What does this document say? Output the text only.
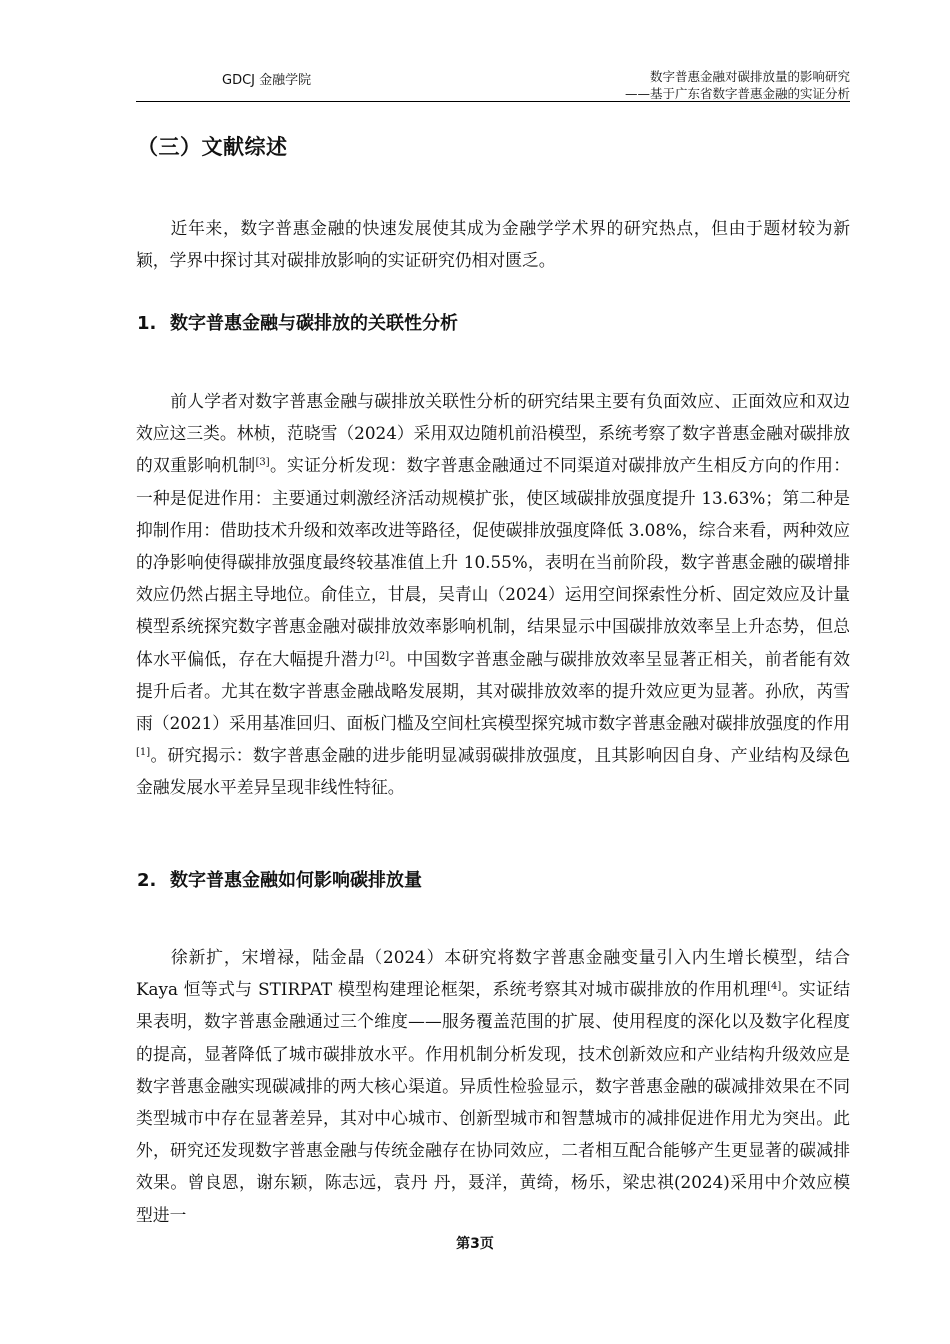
GDCJ 金融学院	数字普惠金融对碳排放量的影响研究
——基于广东省数字普惠金融的实证分析
（三）文献综述

近年来，数字普惠金融的快速发展使其成为金融学学术界的研究热点，但由于题材较为新颖，学界中探讨其对碳排放影响的实证研究仍相对匮乏。

1. 数字普惠金融与碳排放的关联性分析

前人学者对数字普惠金融与碳排放关联性分析的研究结果主要有负面效应、正面效应和双边效应这三类。林桢，范晓雪（2024）采用双边随机前沿模型，系统考察了数字普惠金融对碳排放的双重影响机制[3]。实证分析发现：数字普惠金融通过不同渠道对碳排放产生相反方向的作用：一种是促进作用：主要通过刺激经济活动规模扩张，使区域碳排放强度提升 13.63%；第二种是抑制作用：借助技术升级和效率改进等路径，促使碳排放强度降低 3.08%，综合来看，两种效应的净影响使得碳排放强度最终较基准值上升 10.55%，表明在当前阶段，数字普惠金融的碳增排效应仍然占据主导地位。俞佳立，甘晨，吴青山（2024）运用空间探索性分析、固定效应及计量模型系统探究数字普惠金融对碳排放效率影响机制，结果显示中国碳排放效率呈上升态势，但总体水平偏低，存在大幅提升潜力[2]。中国数字普惠金融与碳排放效率呈显著正相关，前者能有效提升后者。尤其在数字普惠金融战略发展期，其对碳排放效率的提升效应更为显著。孙欣，芮雪雨（2021）采用基准回归、面板门槛及空间杜宾模型探究城市数字普惠金融对碳排放强度的作用[1]。研究揭示：数字普惠金融的进步能明显减弱碳排放强度，且其影响因自身、产业结构及绿色金融发展水平差异呈现非线性特征。

2. 数字普惠金融如何影响碳排放量

徐新扩，宋增禄，陆金晶（2024）本研究将数字普惠金融变量引入内生增长模型，结合 Kaya 恒等式与 STIRPAT 模型构建理论框架，系统考察其对城市碳排放的作用机理[4]。实证结果表明，数字普惠金融通过三个维度——服务覆盖范围的扩展、使用程度的深化以及数字化程度的提高，显著降低了城市碳排放水平。作用机制分析发现，技术创新效应和产业结构升级效应是数字普惠金融实现碳减排的两大核心渠道。异质性检验显示，数字普惠金融的碳减排效果在不同类型城市中存在显著差异，其对中心城市、创新型城市和智慧城市的减排促进作用尤为突出。此外，研究还发现数字普惠金融与传统金融存在协同效应，二者相互配合能够产生更显著的碳减排效果。曾良恩，谢东颖，陈志远，袁丹 丹，聂洋，黄绮，杨乐，梁忠祺(2024)采用中介效应模型进一

第3页
